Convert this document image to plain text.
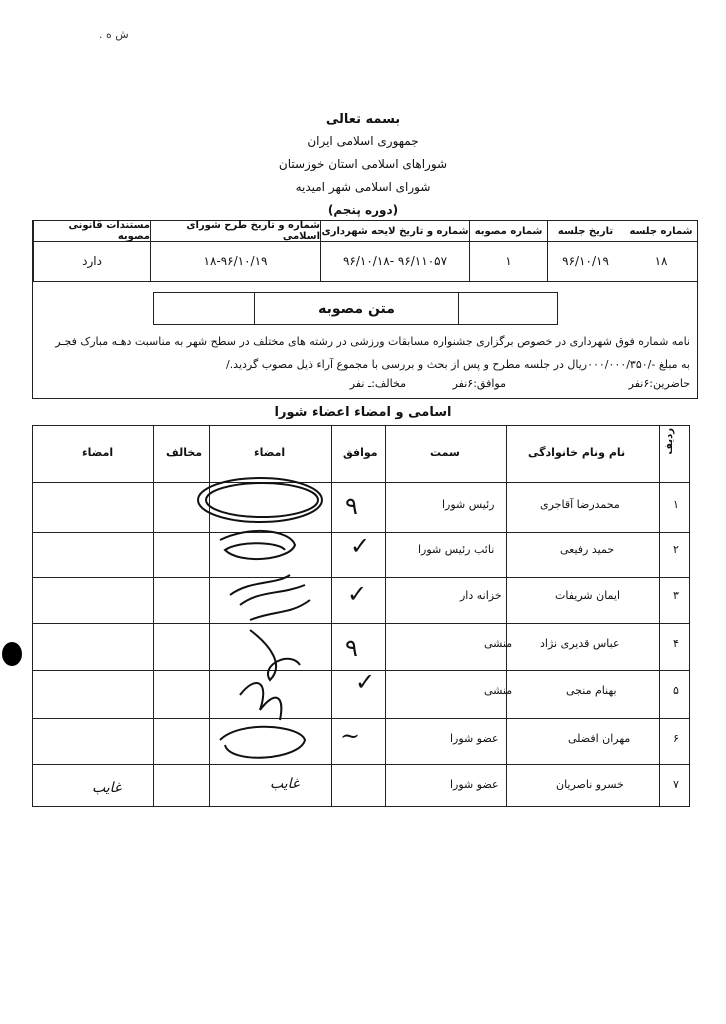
. ش ه
بسمه تعالی
جمهوری اسلامی ایران
شوراهای اسلامی استان خوزستان
شورای اسلامی شهر امیدیه
(دوره پنجم)
شماره جلسه
تاریخ جلسه
شماره مصوبه
شماره و تاریخ لایحه شهرداری
شماره و تاریخ طرح شورای اسلامی
مستندات قانونی مصوبه
۱۸
۹۶/۱۰/۱۹
۱
۹۶/۱۱۰۵۷ -۹۶/۱۰/۱۸
۱۸-۹۶/۱۰/۱۹
دارد
متن مصوبه
نامه شماره فوق شهرداری در خصوص برگزاری جشنواره مسابقات ورزشی در رشته های مختلف در سطح شهر به مناسبت دهـه مبارک فجـر
به مبلغ -/۰۰۰/۰۰۰/۳۵۰ریال در جلسه مطرح و پس از بحث و بررسی با مجموع آراء ذیل مصوب گردید./
حاضرین:۶نفر
موافق:۶نفر
مخالف:ـ نفر
اسامی و امضاء اعضاء شورا
ردیف
نام ونام خانوادگی
سمت
موافق
امضاء
مخالف
امضاء
۱
محمدرضا آقاجری
رئیس شورا
۲
حمید رفیعی
نائب رئیس شورا
۳
ایمان شریفات
خزانه دار
۴
عباس قدیری نژاد
منشی
۵
بهنام منجی
منشی
۶
مهران افضلی
عضو شورا
۷
خسرو ناصریان
عضو شورا
٩
✓
✓
٩
✓
~
غایب	غایب
